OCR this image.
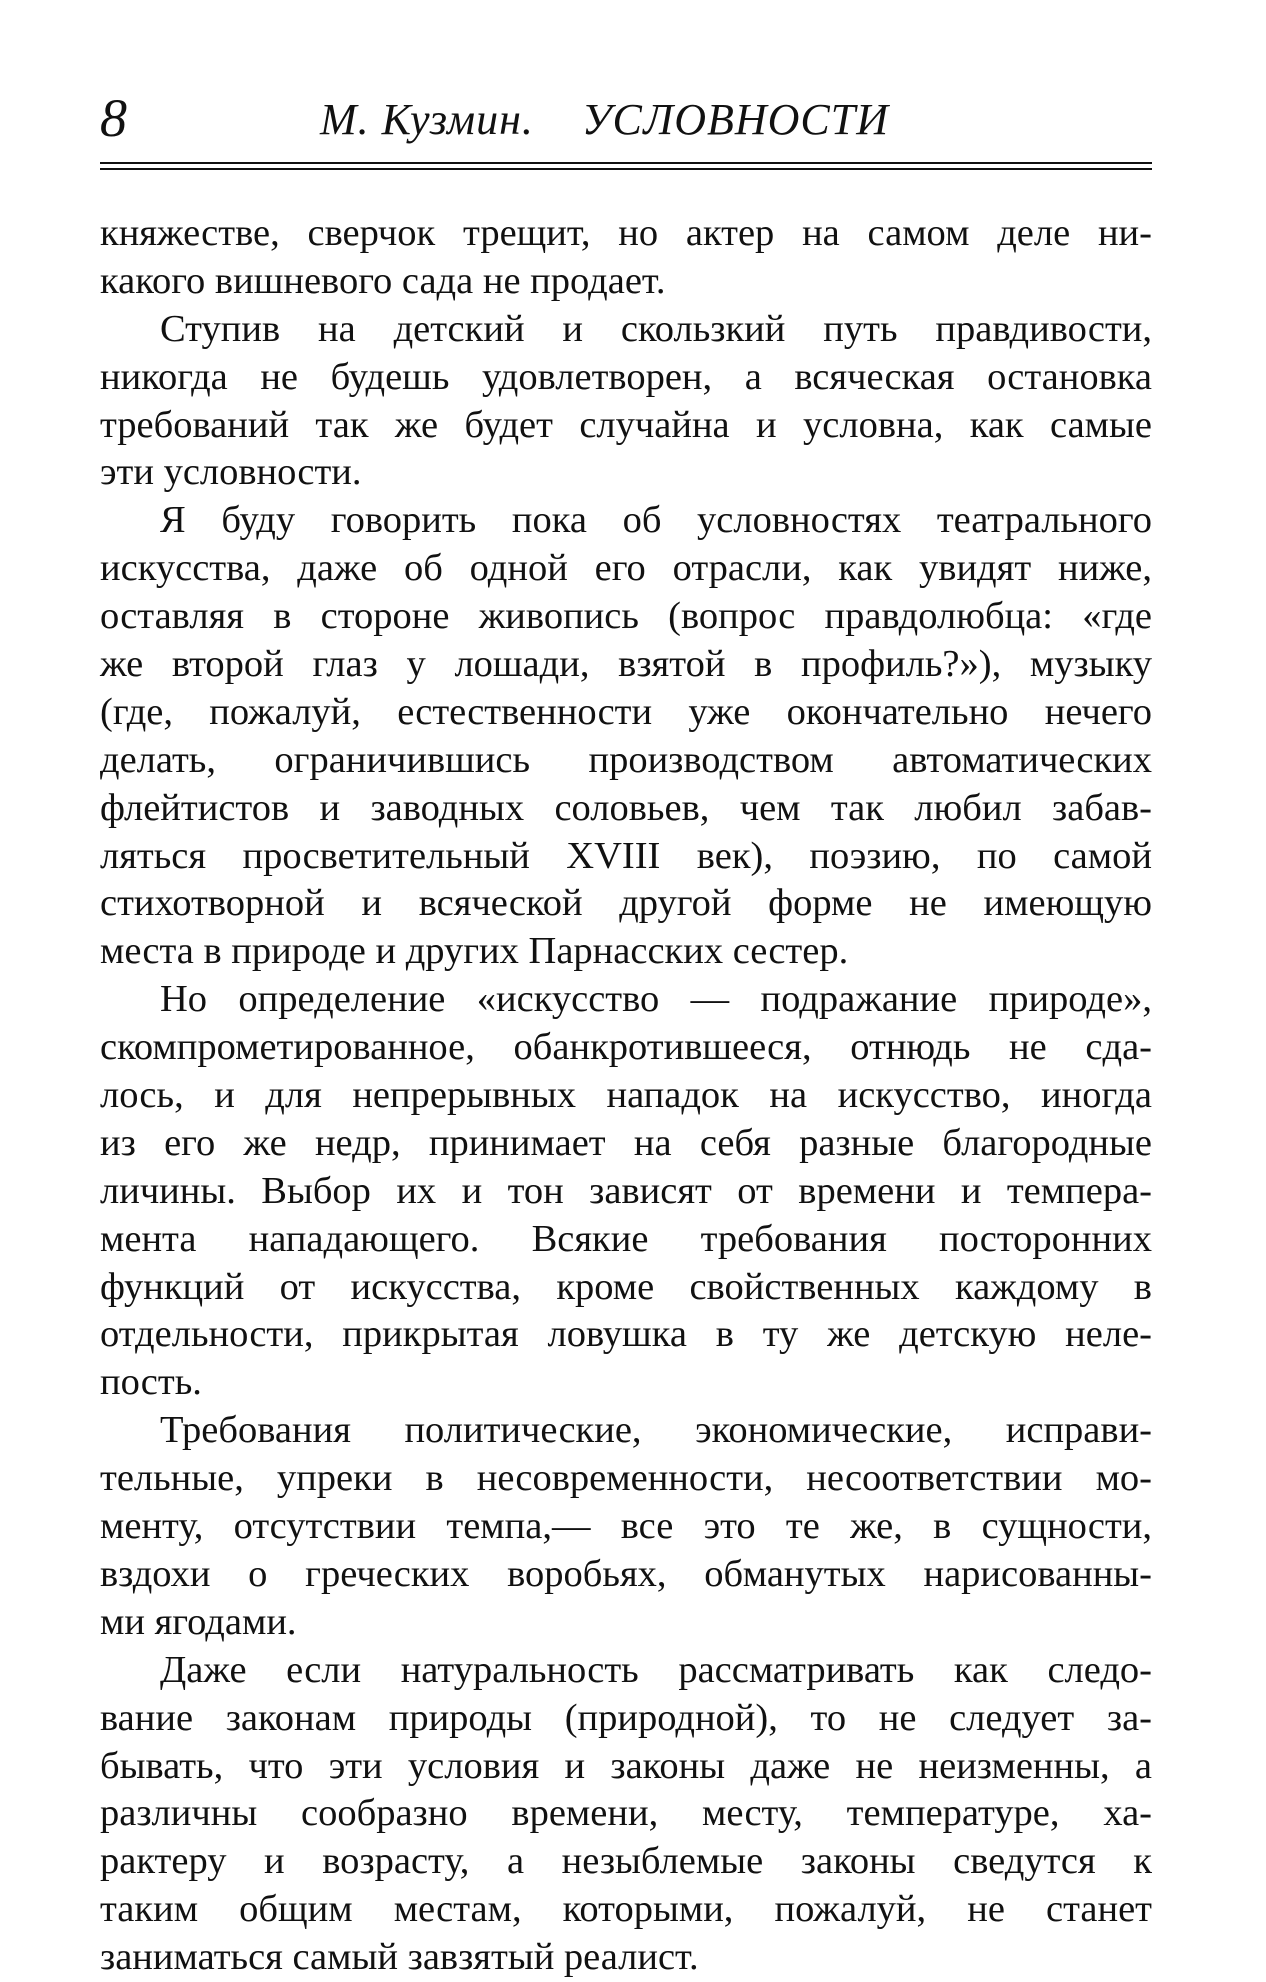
8	М. Кузмин.    УСЛОВНОСТИ
княжестве, сверчок трещит, но актер на самом деле ни-
какого вишневого сада не продает.
Ступив на детский и скользкий путь правдивости,
никогда не будешь удовлетворен, а всяческая остановка
требований так же будет случайна и условна, как самые
эти условности.
Я буду говорить пока об условностях театрального
искусства, даже об одной его отрасли, как увидят ниже,
оставляя в стороне живопись (вопрос правдолюбца: «где
же второй глаз у лошади, взятой в профиль?»), музыку
(где, пожалуй, естественности уже окончательно нечего
делать, ограничившись производством автоматических
флейтистов и заводных соловьев, чем так любил забав-
ляться просветительный XVIII век), поэзию, по самой
стихотворной и всяческой другой форме не имеющую
места в природе и других Парнасских сестер.
Но определение «искусство — подражание природе»,
скомпрометированное, обанкротившееся, отнюдь не сда-
лось, и для непрерывных нападок на искусство, иногда
из его же недр, принимает на себя разные благородные
личины. Выбор их и тон зависят от времени и темпера-
мента нападающего. Всякие требования посторонних
функций от искусства, кроме свойственных каждому в
отдельности, прикрытая ловушка в ту же детскую неле-
пость.
Требования политические, экономические, исправи-
тельные, упреки в несовременности, несоответствии мо-
менту, отсутствии темпа,— все это те же, в сущности,
вздохи о греческих воробьях, обманутых нарисованны-
ми ягодами.
Даже если натуральность рассматривать как следо-
вание законам природы (природной), то не следует за-
бывать, что эти условия и законы даже не неизменны, а
различны сообразно времени, месту, температуре, ха-
рактеру и возрасту, а незыблемые законы сведутся к
таким общим местам, которыми, пожалуй, не станет
заниматься самый завзятый реалист.
